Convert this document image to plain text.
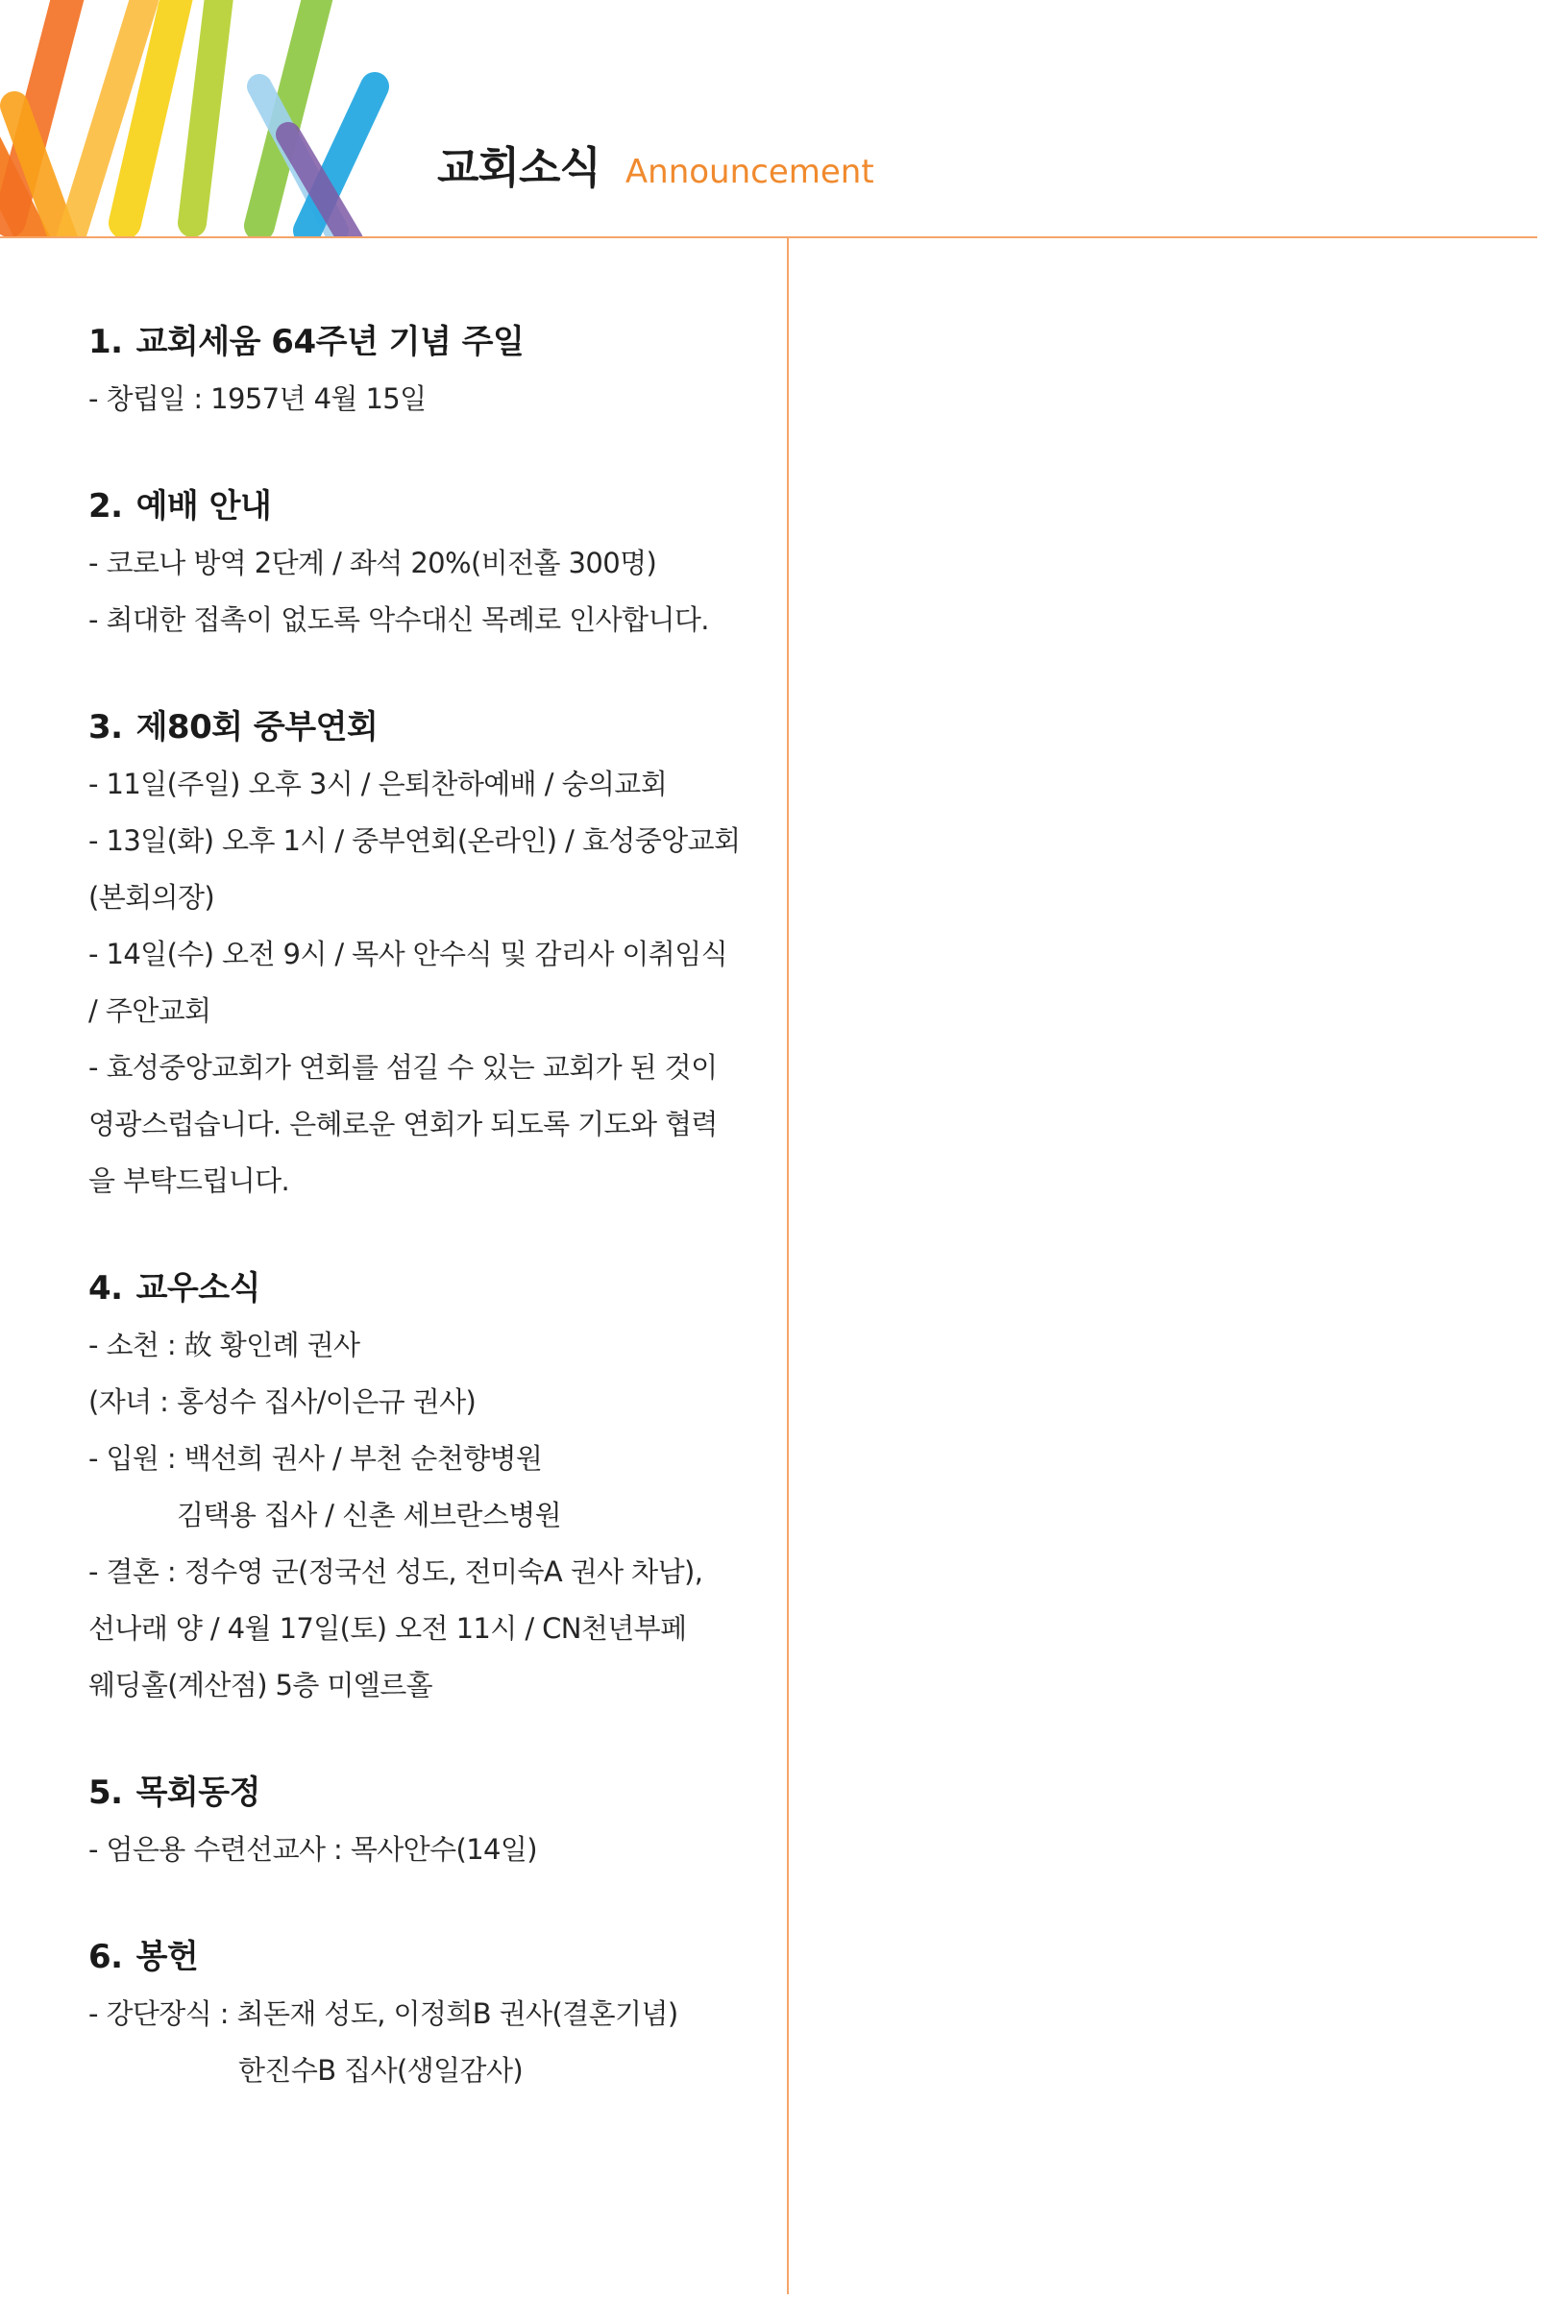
교회소식 Announcement
1. 교회세움 64주년 기념 주일
- 창립일 : 1957년 4월 15일
2. 예배 안내
- 코로나 방역 2단계 / 좌석 20%(비전홀 300명)
- 최대한 접촉이 없도록 악수대신 목례로 인사합니다.
3. 제80회 중부연회
- 11일(주일) 오후 3시 / 은퇴찬하예배 / 숭의교회
- 13일(화) 오후 1시 / 중부연회(온라인) / 효성중앙교회
(본회의장)
- 14일(수) 오전 9시 / 목사 안수식 및 감리사 이취임식
/ 주안교회
- 효성중앙교회가 연회를 섬길 수 있는 교회가 된 것이
영광스럽습니다. 은혜로운 연회가 되도록 기도와 협력
을 부탁드립니다.
4. 교우소식
- 소천 : 故 황인례 권사
(자녀 : 홍성수 집사/이은규 권사)
- 입원 : 백선희 권사 / 부천 순천향병원
김택용 집사 / 신촌 세브란스병원
- 결혼 : 정수영 군(정국선 성도, 전미숙A 권사 차남),
선나래 양 / 4월 17일(토) 오전 11시 / CN천년부페
웨딩홀(계산점) 5층 미엘르홀
5. 목회동정
- 엄은용 수련선교사 : 목사안수(14일)
6. 봉헌
- 강단장식 : 최돈재 성도, 이정희B 권사(결혼기념)
한진수B 집사(생일감사)
